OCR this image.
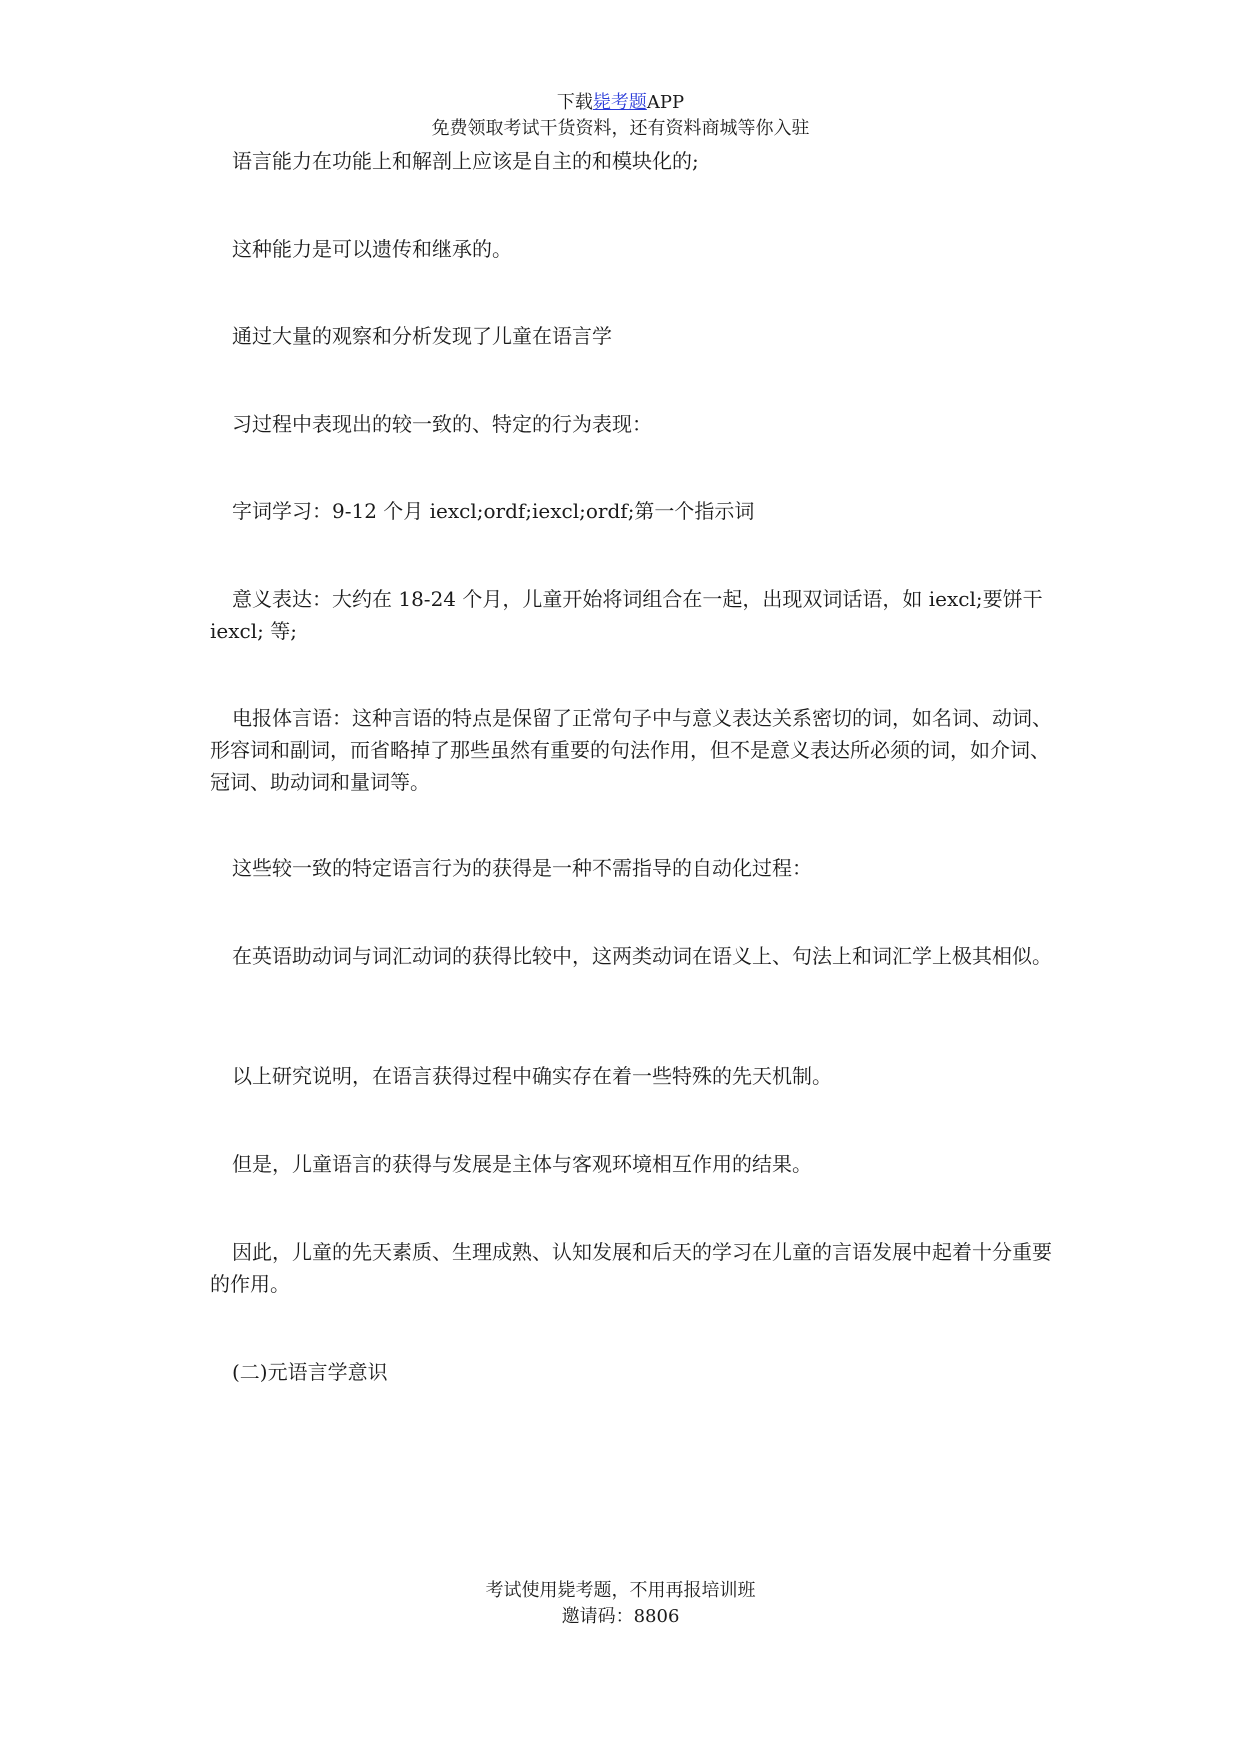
下载毙考题APP
免费领取考试干货资料，还有资料商城等你入驻

语言能力在功能上和解剖上应该是自主的和模块化的;

这种能力是可以遗传和继承的。

通过大量的观察和分析发现了儿童在语言学

习过程中表现出的较一致的、特定的行为表现：

字词学习：9-12 个月 iexcl;ordf;iexcl;ordf;第一个指示词

意义表达：大约在 18-24 个月，儿童开始将词组合在一起，出现双词话语，如 iexcl;要饼干 iexcl; 等;

电报体言语：这种言语的特点是保留了正常句子中与意义表达关系密切的词，如名词、动词、形容词和副词，而省略掉了那些虽然有重要的句法作用，但不是意义表达所必须的词，如介词、冠词、助动词和量词等。

这些较一致的特定语言行为的获得是一种不需指导的自动化过程：

在英语助动词与词汇动词的获得比较中，这两类动词在语义上、句法上和词汇学上极其相似。

以上研究说明，在语言获得过程中确实存在着一些特殊的先天机制。

但是，儿童语言的获得与发展是主体与客观环境相互作用的结果。

因此，儿童的先天素质、生理成熟、认知发展和后天的学习在儿童的言语发展中起着十分重要的作用。

(二)元语言学意识

考试使用毙考题，不用再报培训班
邀请码：8806
